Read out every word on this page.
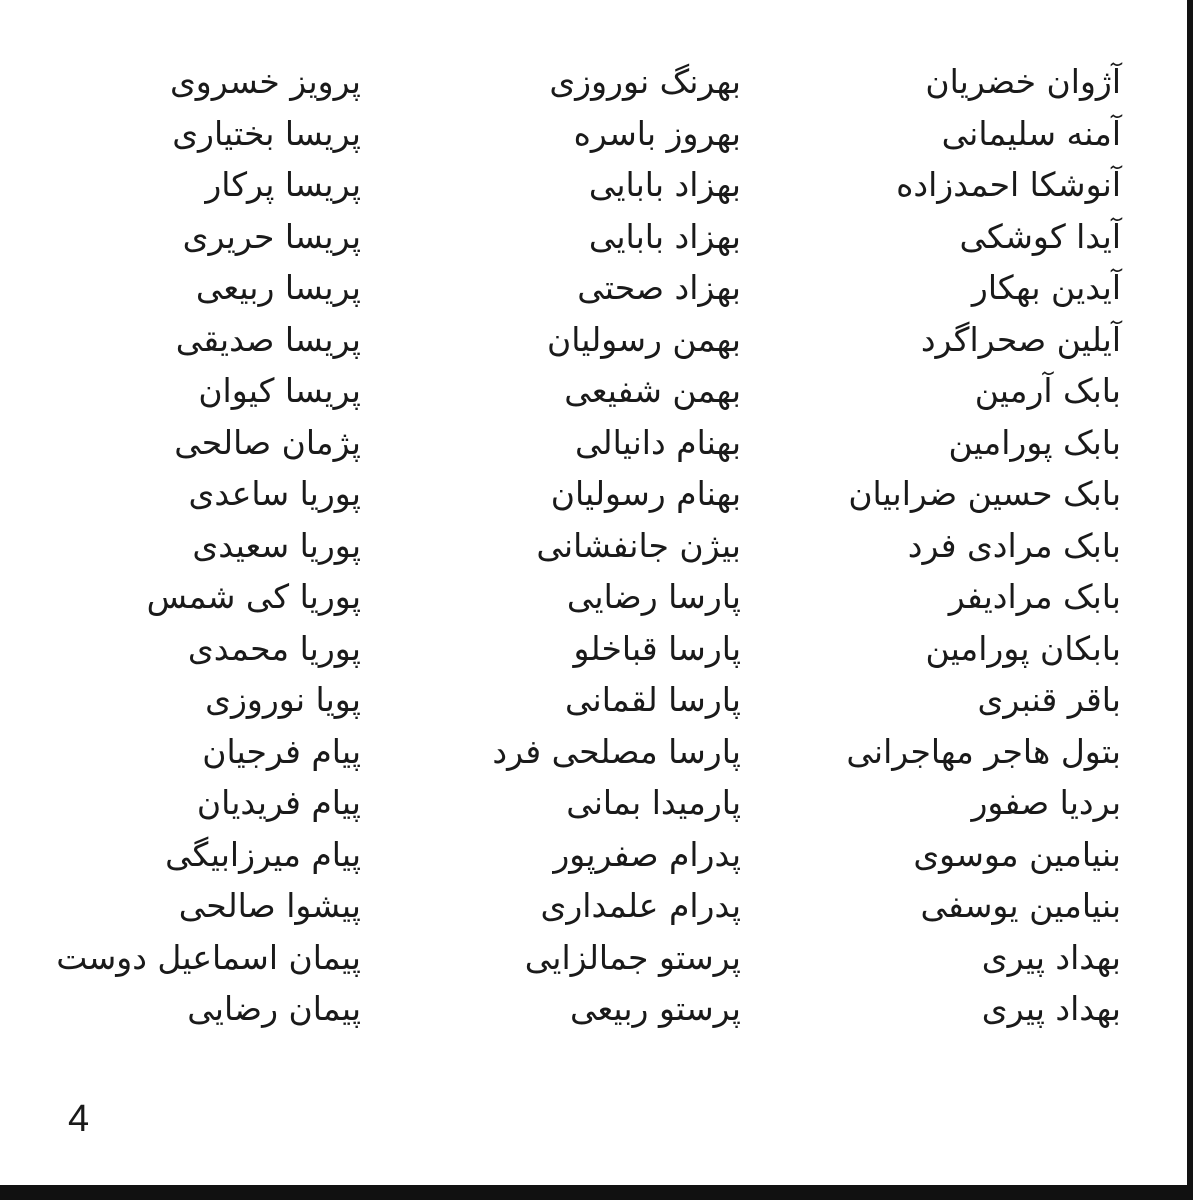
آژوان خضریان
آمنه سلیمانی
آنوشکا احمدزاده
آیدا کوشکی
آیدین بهکار
آیلین صحراگرد
بابک آرمین
بابک پورامین
بابک حسین ضرابیان
بابک مرادی فرد
بابک مرادیفر
بابکان پورامین
باقر قنبری
بتول هاجر مهاجرانی
بردیا صفور
بنیامین موسوی
بنیامین یوسفی
بهداد پیری
بهداد پیری
بهرنگ نوروزی
بهروز باسره
بهزاد بابایی
بهزاد بابایی
بهزاد صحتی
بهمن رسولیان
بهمن شفیعی
بهنام دانیالی
بهنام رسولیان
بیژن جانفشانی
پارسا رضایی
پارسا قباخلو
پارسا لقمانی
پارسا مصلحی فرد
پارمیدا بمانی
پدرام صفرپور
پدرام علمداری
پرستو جمالزایی
پرستو ربیعی
پرویز خسروی
پریسا بختیاری
پریسا پرکار
پریسا حریری
پریسا ربیعی
پریسا صدیقی
پریسا کیوان
پژمان صالحی
پوریا ساعدی
پوریا سعیدی
پوریا کی شمس
پوریا محمدی
پویا نوروزی
پیام فرجیان
پیام فریدیان
پیام میرزابیگی
پیشوا صالحی
پیمان اسماعیل دوست
پیمان رضایی
4
